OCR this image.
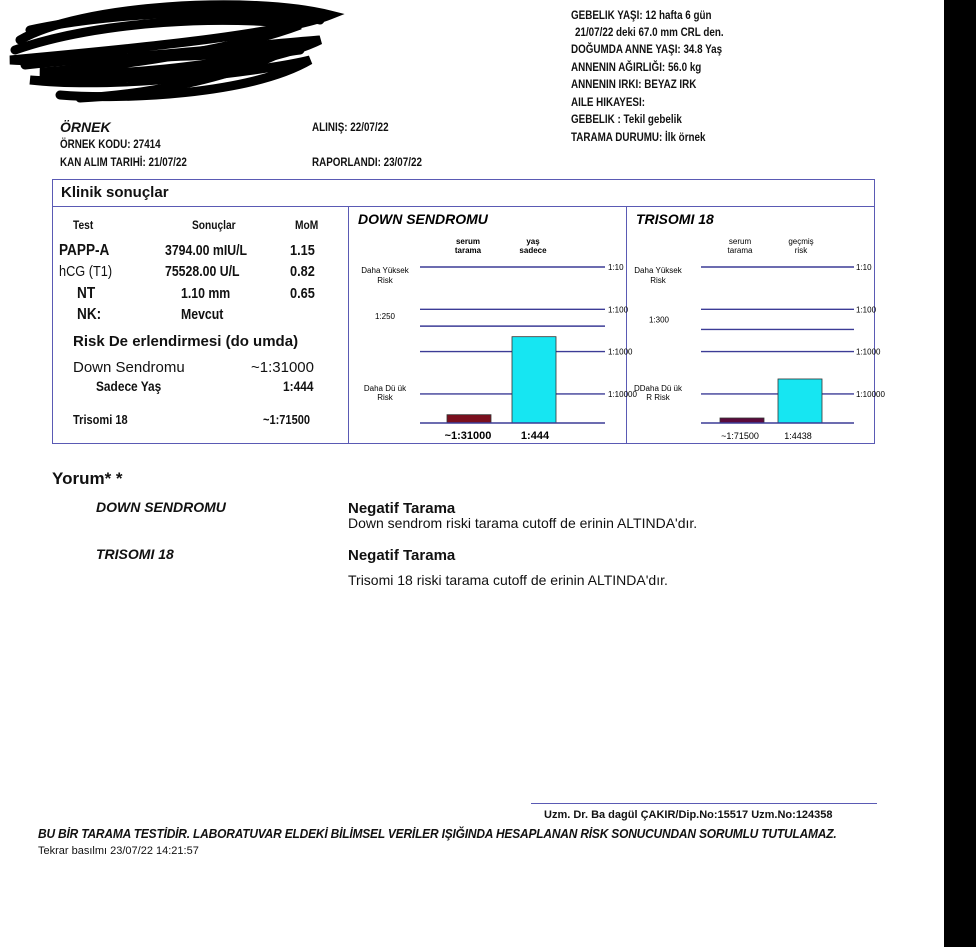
GEBELIK YAŞI: 12 hafta 6 gün
21/07/22 deki 67.0 mm CRL den.
DOĞUMDA ANNE YAŞI: 34.8 Yaş
ANNENIN AĞIRLIĞI: 56.0 kg
ANNENIN IRKI: BEYAZ IRK
AILE HIKAYESI:
GEBELIK : Tekil gebelik
TARAMA DURUMU: İlk örnek
ÖRNEK
ÖRNEK KODU: 27414
KAN ALIM TARIHİ: 21/07/22
ALINIŞ: 22/07/22
RAPORLANDI: 23/07/22
Klinik sonuçlar
Test	Sonuçlar	MoM
PAPP-A	3794.00 mIU/L	1.15
hCG (T1)	75528.00 U/L	0.82
NT	1.10 mm	0.65
NK:	Mevcut
Risk De erlendirmesi (do umda)
Down Sendromu	~1:31000
Sadece Yaş	1:444
Trisomi 18	~1:71500
DOWN SENDROMU
serum
tarama
yaş
sadece
Daha Yüksek
Risk
Daha Dü ük
Risk
1:10
1:100
1:1000
1:10000
1:250
~1:31000	1:444
TRISOMI 18
serum
tarama
geçmiş
risk
Daha Yüksek
Risk
DDaha Dü ük
R Risk
1:10
1:100
1:1000
1:10000
1:300
~1:71500	1:4438
Yorum* *
DOWN SENDROMU	Negatif Tarama
Down sendrom riski tarama cutoff de erinin ALTINDA'dır.
TRISOMI 18	Negatif Tarama
Trisomi 18 riski tarama cutoff de erinin ALTINDA'dır.
Uzm. Dr. Ba dagül ÇAKIR/Dip.No:15517 Uzm.No:124358
BU BİR TARAMA TESTİDİR. LABORATUVAR ELDEKİ BİLİMSEL VERİLER IŞIĞINDA HESAPLANAN RİSK SONUCUNDAN SORUMLU TUTULAMAZ.
Tekrar basılmı 23/07/22 14:21:57
